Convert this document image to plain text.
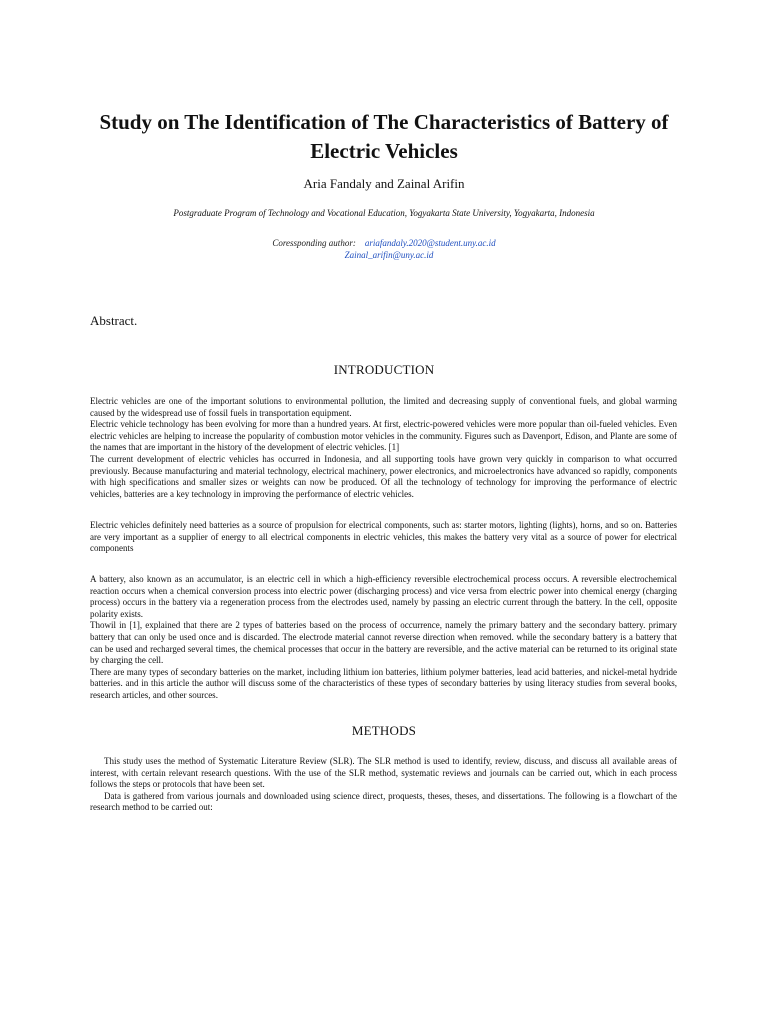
Study on The Identification of The Characteristics of Battery of Electric Vehicles
Aria Fandaly and Zainal Arifin
Postgraduate Program of Technology and Vocational Education, Yogyakarta State University, Yogyakarta, Indonesia
Coressponding author: ariafandaly.2020@student.uny.ac.id
Zainal_arifin@uny.ac.id
Abstract.
INTRODUCTION

Electric vehicles are one of the important solutions to environmental pollution, the limited and decreasing supply of conventional fuels, and global warming caused by the widespread use of fossil fuels in transportation equipment.

Electric vehicle technology has been evolving for more than a hundred years. At first, electric-powered vehicles were more popular than oil-fueled vehicles. Even electric vehicles are helping to increase the popularity of combustion motor vehicles in the community. Figures such as Davenport, Edison, and Plante are some of the names that are important in the history of the development of electric vehicles. [1]

The current development of electric vehicles has occurred in Indonesia, and all supporting tools have grown very quickly in comparison to what occurred previously. Because manufacturing and material technology, electrical machinery, power electronics, and microelectronics have advanced so rapidly, components with high specifications and smaller sizes or weights can now be produced. Of all the technology of technology for improving the performance of electric vehicles, batteries are a key technology in improving the performance of electric vehicles.

Electric vehicles definitely need batteries as a source of propulsion for electrical components, such as: starter motors, lighting (lights), horns, and so on. Batteries are very important as a supplier of energy to all electrical components in electric vehicles, this makes the battery very vital as a source of power for electrical components

A battery, also known as an accumulator, is an electric cell in which a high-efficiency reversible electrochemical process occurs. A reversible electrochemical reaction occurs when a chemical conversion process into electric power (discharging process) and vice versa from electric power into chemical energy (charging process) occurs in the battery via a regeneration process from the electrodes used, namely by passing an electric current through the battery. In the cell, opposite polarity exists.

Thowil in [1], explained that there are 2 types of batteries based on the process of occurrence, namely the primary battery and the secondary battery. primary battery that can only be used once and is discarded. The electrode material cannot reverse direction when removed. while the secondary battery is a battery that can be used and recharged several times, the chemical processes that occur in the battery are reversible, and the active material can be returned to its original state by charging the cell.

There are many types of secondary batteries on the market, including lithium ion batteries, lithium polymer batteries, lead acid batteries, and nickel-metal hydride batteries. and in this article the author will discuss some of the characteristics of these types of secondary batteries by using literacy studies from several books, research articles, and other sources.

METHODS

This study uses the method of Systematic Literature Review (SLR). The SLR method is used to identify, review, discuss, and discuss all available areas of interest, with certain relevant research questions. With the use of the SLR method, systematic reviews and journals can be carried out, which in each process follows the steps or protocols that have been set.

Data is gathered from various journals and downloaded using science direct, proquests, theses, theses, and dissertations. The following is a flowchart of the research method to be carried out:
